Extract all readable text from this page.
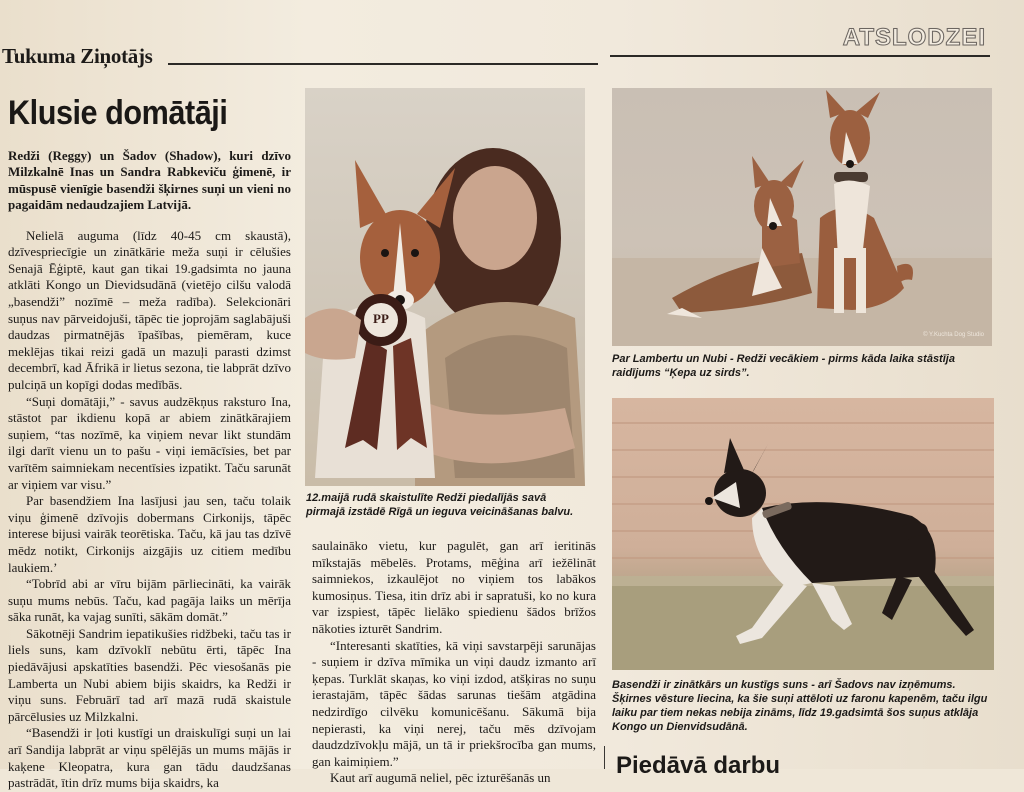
Tukuma Ziņotājs
ATSLODZEI
Klusie domātāji

Redži (Reggy) un Šadov (Shadow), kuri dzīvo Milzkalnē Inas un Sandra Rabkeviču ģimenē, ir mūspusē vienīgie basendži šķirnes suņi un vieni no pagaidām nedaudzajiem Latvijā.

Nelielā auguma (līdz 40-45 cm skaustā), dzīvespriecīgie un zinātkārie meža suņi ir cēlušies Senajā Ēģiptē, kaut gan tikai 19.gadsimta no jauna atklāti Kongo un Dievidsudānā (vietējo cilšu valodā „basendži” nozīmē – meža radība). Selekcionāri suņus nav pārveidojuši, tāpēc tie joprojām saglabājuši daudzas pirmatnējās īpašības, piemēram, kuce meklējas tikai reizi gadā un mazuļi parasti dzimst decembrī, kad Āfrikā ir lietus sezona, tie labprāt dzīvo pulciņā un kopīgi dodas medībās.

“Suņi domātāji,” - savus audzēkņus raksturo Ina, stāstot par ikdienu kopā ar abiem zinātkārajiem suņiem, “tas nozīmē, ka viņiem nevar likt stundām ilgi darīt vienu un to pašu - viņi iemācīsies, bet par varītēm saimniekam necentīsies izpatikt. Taču sarunāt ar viņiem var visu.”

Par basendžiem Ina lasījusi jau sen, taču tolaik viņu ģimenē dzīvojis dobermans Cirkonijs, tāpēc interese bijusi vairāk teorētiska. Taču, kā jau tas dzīvē mēdz notikt, Cirkonijs aizgājis uz citiem medību laukiem.’

“Tobrīd abi ar vīru bijām pārliecināti, ka vairāk suņu mums nebūs. Taču, kad pagāja laiks un mērīja sāka runāt, ka vajag sunīti, sākām domāt.”

Sākotnēji Sandrim iepatikušies ridžbeki, taču tas ir liels suns, kam dzīvoklī nebūtu ērti, tāpēc Ina piedāvājusi apskatīties basendži. Pēc viesošanās pie Lamberta un Nubi abiem bijis skaidrs, ka Redži ir viņu suns. Februārī tad arī mazā rudā skaistule pārcēlusies uz Milzkalni.

“Basendži ir ļoti kustīgi un draiskulīgi suņi un lai arī Sandija labprāt ar viņu spēlējās un mums mājās ir kaķene Kleopatra, kura gan tādu daudzšanas pastrādāt, ītin drīz mums bija skaidrs, ka

PP
12.maijā rudā skaistulīte Redži piedalījās savā pirmajā izstādē Rīgā un ieguva veicināšanas balvu.

saulaināko vietu, kur pagulēt, gan arī ieritinās mīkstajās mēbelēs. Protams, mēģina arī iežēlināt saimniekos, izkaulējot no viņiem tos labākos kumosiņus. Tiesa, itin drīz abi ir sapratuši, ko no kura var izspiest, tāpēc lielāko spiedienu šādos brīžos nākoties izturēt Sandrim.

“Interesanti skatīties, kā viņi savstarpēji sarunājas - suņiem ir dzīva mīmika un viņi daudz izmanto arī ķepas. Turklāt skaņas, ko viņi izdod, atšķiras no suņu ierastajām, tāpēc šādas sarunas tiešām atgādina nedzirdīgo cilvēku komunicēšanu. Sākumā bija nepierasti, ka viņi nerej, taču mēs dzīvojam daudzdzīvokļu mājā, un tā ir priekšrocība gan mums, gan kaimiņiem.”

Kaut arī augumā neliel, pēc izturēšanās un

© Y.Kuchta Dog Studio
Par Lambertu un Nubi - Redži vecākiem - pirms kāda laika stāstīja raidījums “Ķepa uz sirds”.
Basendži ir zinātkārs un kustīgs suns - arī Šadovs nav izņēmums. Šķirnes vēsture liecina, ka šie suņi attēloti uz faronu kapenēm, taču ilgu laiku par tiem nekas nebija zināms, līdz 19.gadsimtā šos suņus atklāja Kongo un Dienvidsudānā.
Piedāvā darbu
